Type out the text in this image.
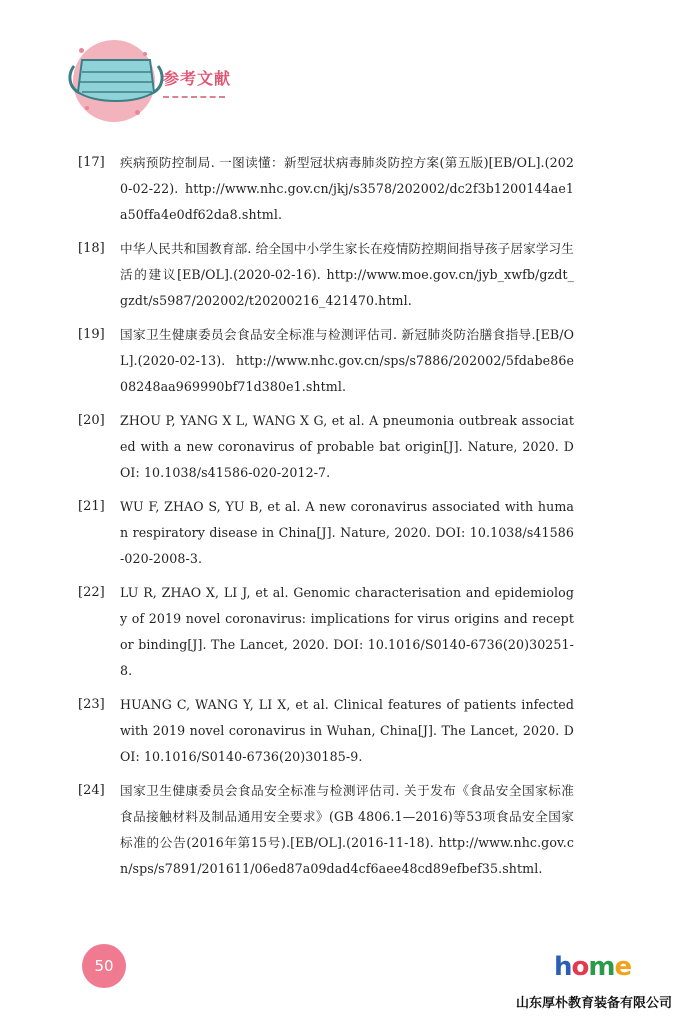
参考文献
[17] 疾病预防控制局. 一图读懂：新型冠状病毒肺炎防控方案(第五版)[EB/OL].(2020-02-22). http://www.nhc.gov.cn/jkj/s3578/202002/dc2f3b1200144ae1a50ffa4e0df62da8.shtml.
[18] 中华人民共和国教育部. 给全国中小学生家长在疫情防控期间指导孩子居家学习生活的建议[EB/OL].(2020-02-16). http://www.moe.gov.cn/jyb_xwfb/gzdt_gzdt/s5987/202002/t20200216_421470.html.
[19] 国家卫生健康委员会食品安全标准与检测评估司. 新冠肺炎防治膳食指导.[EB/OL].(2020-02-13). http://www.nhc.gov.cn/sps/s7886/202002/5fdabe86e08248aa969990bf71d380e1.shtml.
[20] ZHOU P, YANG X L, WANG X G, et al. A pneumonia outbreak associated with a new coronavirus of probable bat origin[J]. Nature, 2020. DOI: 10.1038/s41586-020-2012-7.
[21] WU F, ZHAO S, YU B, et al. A new coronavirus associated with human respiratory disease in China[J]. Nature, 2020. DOI: 10.1038/s41586-020-2008-3.
[22] LU R, ZHAO X, LI J, et al. Genomic characterisation and epidemiology of 2019 novel coronavirus: implications for virus origins and receptor binding[J]. The Lancet, 2020. DOI: 10.1016/S0140-6736(20)30251-8.
[23] HUANG C, WANG Y, LI X, et al. Clinical features of patients infected with 2019 novel coronavirus in Wuhan, China[J]. The Lancet, 2020. DOI: 10.1016/S0140-6736(20)30185-9.
[24] 国家卫生健康委员会食品安全标准与检测评估司. 关于发布《食品安全国家标准 食品接触材料及制品通用安全要求》(GB 4806.1—2016)等53项食品安全国家标准的公告(2016年第15号).[EB/OL].(2016-11-18). http://www.nhc.gov.cn/sps/s7891/201611/06ed87a09dad4cf6aee48cd89efbef35.shtml.
50	home
山东厚朴教育装备有限公司
